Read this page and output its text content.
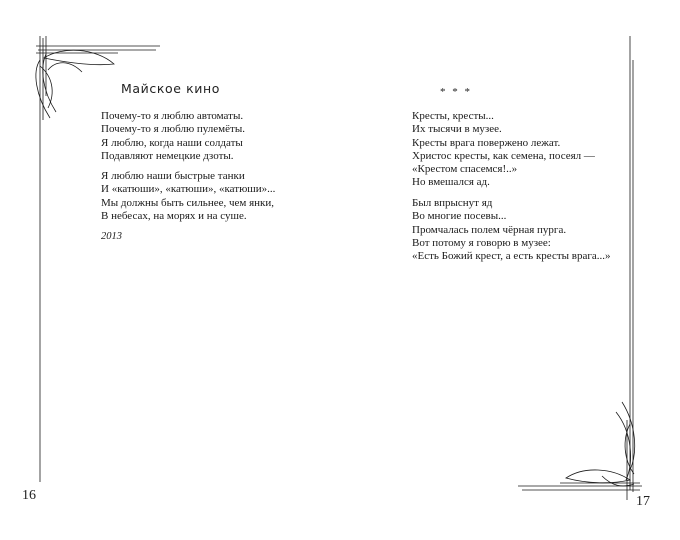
Майское кино
Почему-то я люблю автоматы.
Почему-то я люблю пулемёты.
Я люблю, когда наши солдаты
Подавляют немецкие дзоты.
Я люблю наши быстрые танки
И «катюши», «катюши», «катюши»...
Мы должны быть сильнее, чем янки,
В небесах, на морях и на суше.
2013
16
* * *
Кресты, кресты...
Их тысячи в музее.
Кресты врага повержено лежат.
Христос кресты, как семена, посеял —
«Крестом спасемся!..»
Но вмешался ад.
Был впрыснут яд
Во многие посевы...
Промчалась полем чёрная пурга.
Вот потому я говорю в музее:
«Есть Божий крест, а есть кресты врага...»
17
